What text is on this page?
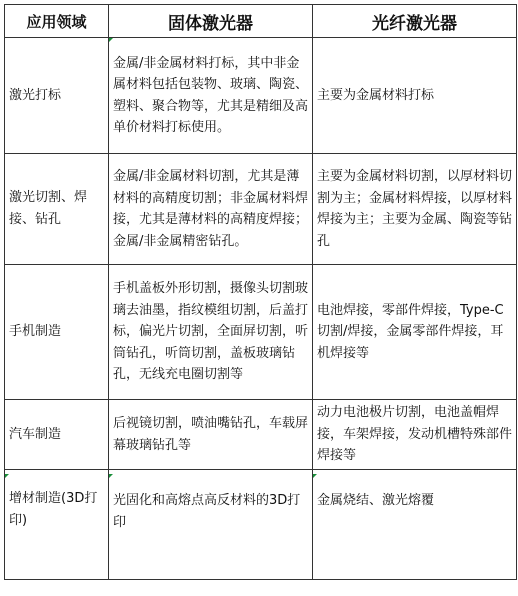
应用领域	固体激光器	光纤激光器
激光打标	金属/非金属材料打标，其中非金属材料包括包装物、玻璃、陶瓷、塑料、聚合物等，尤其是精细及高单价材料打标使用。	主要为金属材料打标
激光切割、焊接、钻孔	金属/非金属材料切割，尤其是薄材料的高精度切割；非金属材料焊接，尤其是薄材料的高精度焊接；金属/非金属精密钻孔。	主要为金属材料切割，以厚材料切割为主；金属材料焊接，以厚材料焊接为主；主要为金属、陶瓷等钻孔
手机制造	手机盖板外形切割，摄像头切割玻璃去油墨，指纹模组切割，后盖打标，偏光片切割，全面屏切割，听筒钻孔，听筒切割，盖板玻璃钻孔，无线充电圈切割等	电池焊接，零部件焊接，Type-C切割/焊接，金属零部件焊接，耳机焊接等
汽车制造	后视镜切割，喷油嘴钻孔，车载屏幕玻璃钻孔等	动力电池极片切割，电池盖帽焊接，车架焊接，发动机槽特殊部件焊接等
增材制造(3D打印)	光固化和高熔点高反材料的3D打印	金属烧结、激光熔覆
